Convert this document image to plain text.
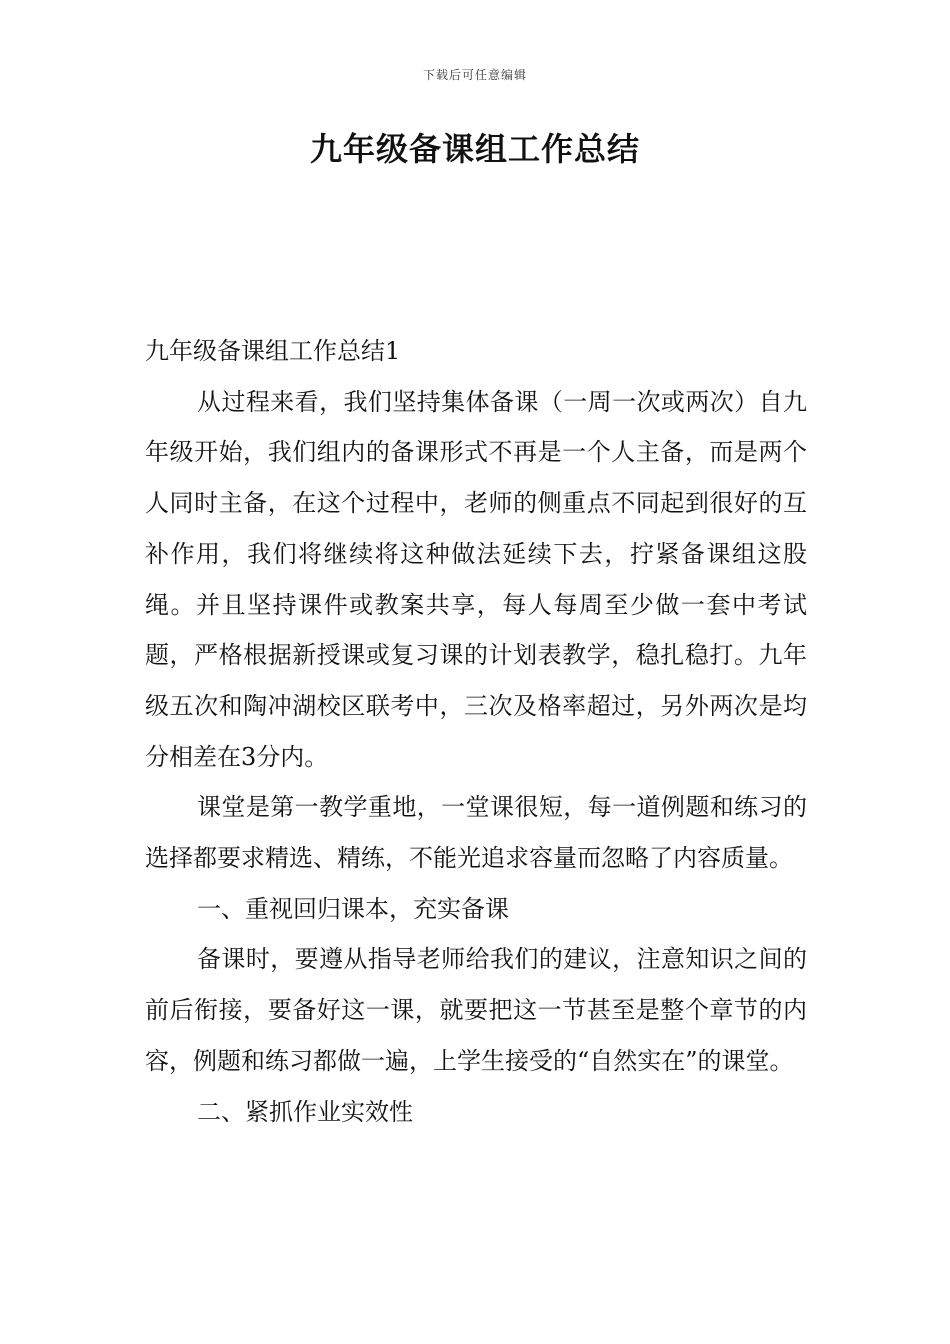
下载后可任意编辑
九年级备课组工作总结

九年级备课组工作总结1

从过程来看，我们坚持集体备课（一周一次或两次）自九年级开始，我们组内的备课形式不再是一个人主备，而是两个人同时主备，在这个过程中，老师的侧重点不同起到很好的互补作用，我们将继续将这种做法延续下去，拧紧备课组这股绳。并且坚持课件或教案共享，每人每周至少做一套中考试题，严格根据新授课或复习课的计划表教学，稳扎稳打。九年级五次和陶冲湖校区联考中，三次及格率超过，另外两次是均分相差在3分内。

课堂是第一教学重地，一堂课很短，每一道例题和练习的选择都要求精选、精练，不能光追求容量而忽略了内容质量。

一、重视回归课本，充实备课

备课时，要遵从指导老师给我们的建议，注意知识之间的前后衔接，要备好这一课，就要把这一节甚至是整个章节的内容，例题和练习都做一遍，上学生接受的“自然实在”的课堂。

二、紧抓作业实效性
